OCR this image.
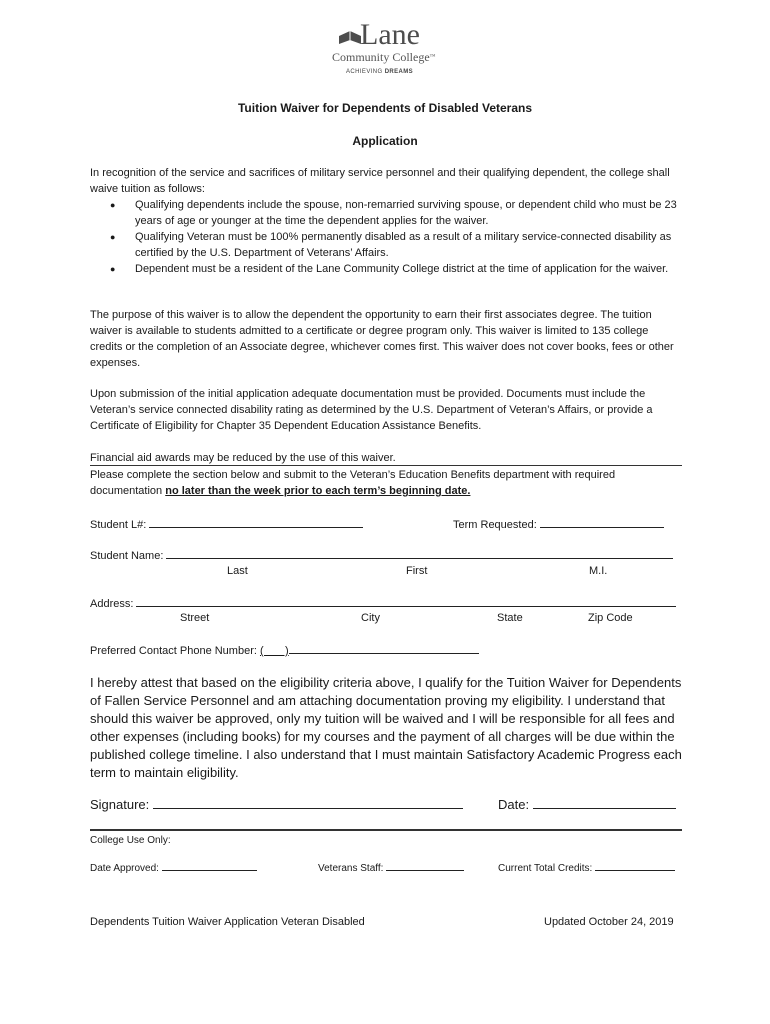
Lane
Community College™
ACHIEVING DREAMS
Tuition Waiver for Dependents of Disabled Veterans
Application
In recognition of the service and sacrifices of military service personnel and their qualifying dependent, the college shall waive tuition as follows:
● Qualifying dependents include the spouse, non-remarried surviving spouse, or dependent child who must be 23 years of age or younger at the time the dependent applies for the waiver.
● Qualifying Veteran must be 100% permanently disabled as a result of a military service-connected disability as certified by the U.S. Department of Veterans’ Affairs.
● Dependent must be a resident of the Lane Community College district at the time of application for the waiver.
The purpose of this waiver is to allow the dependent the opportunity to earn their first associates degree. The tuition waiver is available to students admitted to a certificate or degree program only. This waiver is limited to 135 college credits or the completion of an Associate degree, whichever comes first. This waiver does not cover books, fees or other expenses.
Upon submission of the initial application adequate documentation must be provided. Documents must include the Veteran’s service connected disability rating as determined by the U.S. Department of Veteran’s Affairs, or provide a Certificate of Eligibility for Chapter 35 Dependent Education Assistance Benefits.
Financial aid awards may be reduced by the use of this waiver.
Please complete the section below and submit to the Veteran’s Education Benefits department with required documentation no later than the week prior to each term’s beginning date.
Student L#:	Term Requested:
Student Name:
Last	First	M.I.
Address:
Street	City	State	Zip Code
Preferred Contact Phone Number: (       )
I hereby attest that based on the eligibility criteria above, I qualify for the Tuition Waiver for Dependents of Fallen Service Personnel and am attaching documentation proving my eligibility. I understand that should this waiver be approved, only my tuition will be waived and I will be responsible for all fees and other expenses (including books) for my courses and the payment of all charges will be due within the published college timeline. I also understand that I must maintain Satisfactory Academic Progress each term to maintain eligibility.
Signature:	Date:
College Use Only:
Date Approved:	Veterans Staff:	Current Total Credits:
Dependents Tuition Waiver Application Veteran Disabled	Updated October 24, 2019
